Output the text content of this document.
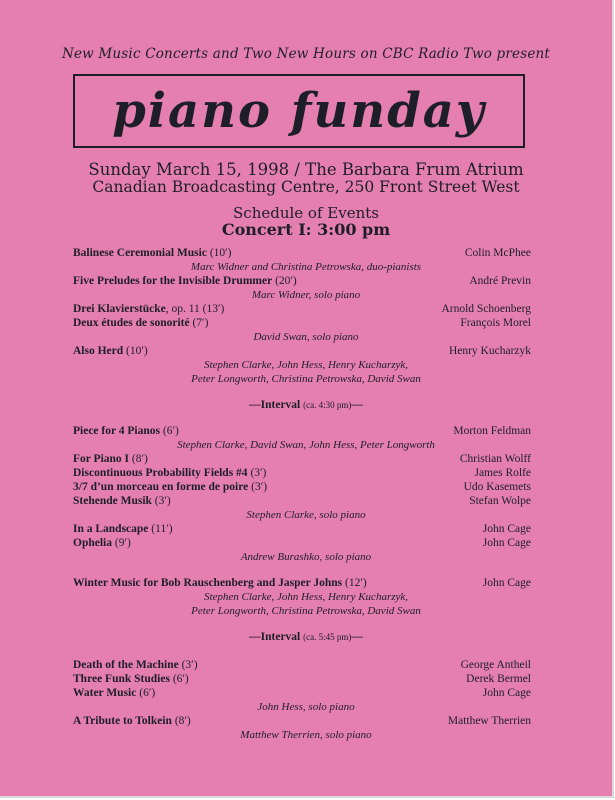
New Music Concerts and Two New Hours on CBC Radio Two present
piano funday
Sunday March 15, 1998 / The Barbara Frum Atrium
Canadian Broadcasting Centre, 250 Front Street West
Schedule of Events
Concert I: 3:00 pm
Balinese Ceremonial Music (10′)	Colin McPhee
Marc Widner and Christina Petrowska, duo-pianists
Five Preludes for the Invisible Drummer (20′)	André Previn
Marc Widner, solo piano
Drei Klavierstücke, op. 11 (13′)	Arnold Schoenberg
Deux études de sonorité (7′)	François Morel
David Swan, solo piano
Also Herd (10′)	Henry Kucharzyk
Stephen Clarke, John Hess, Henry Kucharzyk,
Peter Longworth, Christina Petrowska, David Swan
—Interval (ca. 4:30 pm)—
Piece for 4 Pianos (6′)	Morton Feldman
Stephen Clarke, David Swan, John Hess, Peter Longworth
For Piano I (8′)	Christian Wolff
Discontinuous Probability Fields #4 (3′)	James Rolfe
3/7 d’un morceau en forme de poire (3′)	Udo Kasemets
Stehende Musik (3′)	Stefan Wolpe
Stephen Clarke, solo piano
In a Landscape (11′)	John Cage
Ophelia (9′)	John Cage
Andrew Burashko, solo piano
Winter Music for Bob Rauschenberg and Jasper Johns (12′)	John Cage
Stephen Clarke, John Hess, Henry Kucharzyk,
Peter Longworth, Christina Petrowska, David Swan
—Interval (ca. 5:45 pm)—
Death of the Machine (3′)	George Antheil
Three Funk Studies (6′)	Derek Bermel
Water Music (6′)	John Cage
John Hess, solo piano
A Tribute to Tolkein (8′)	Matthew Therrien
Matthew Therrien, solo piano
